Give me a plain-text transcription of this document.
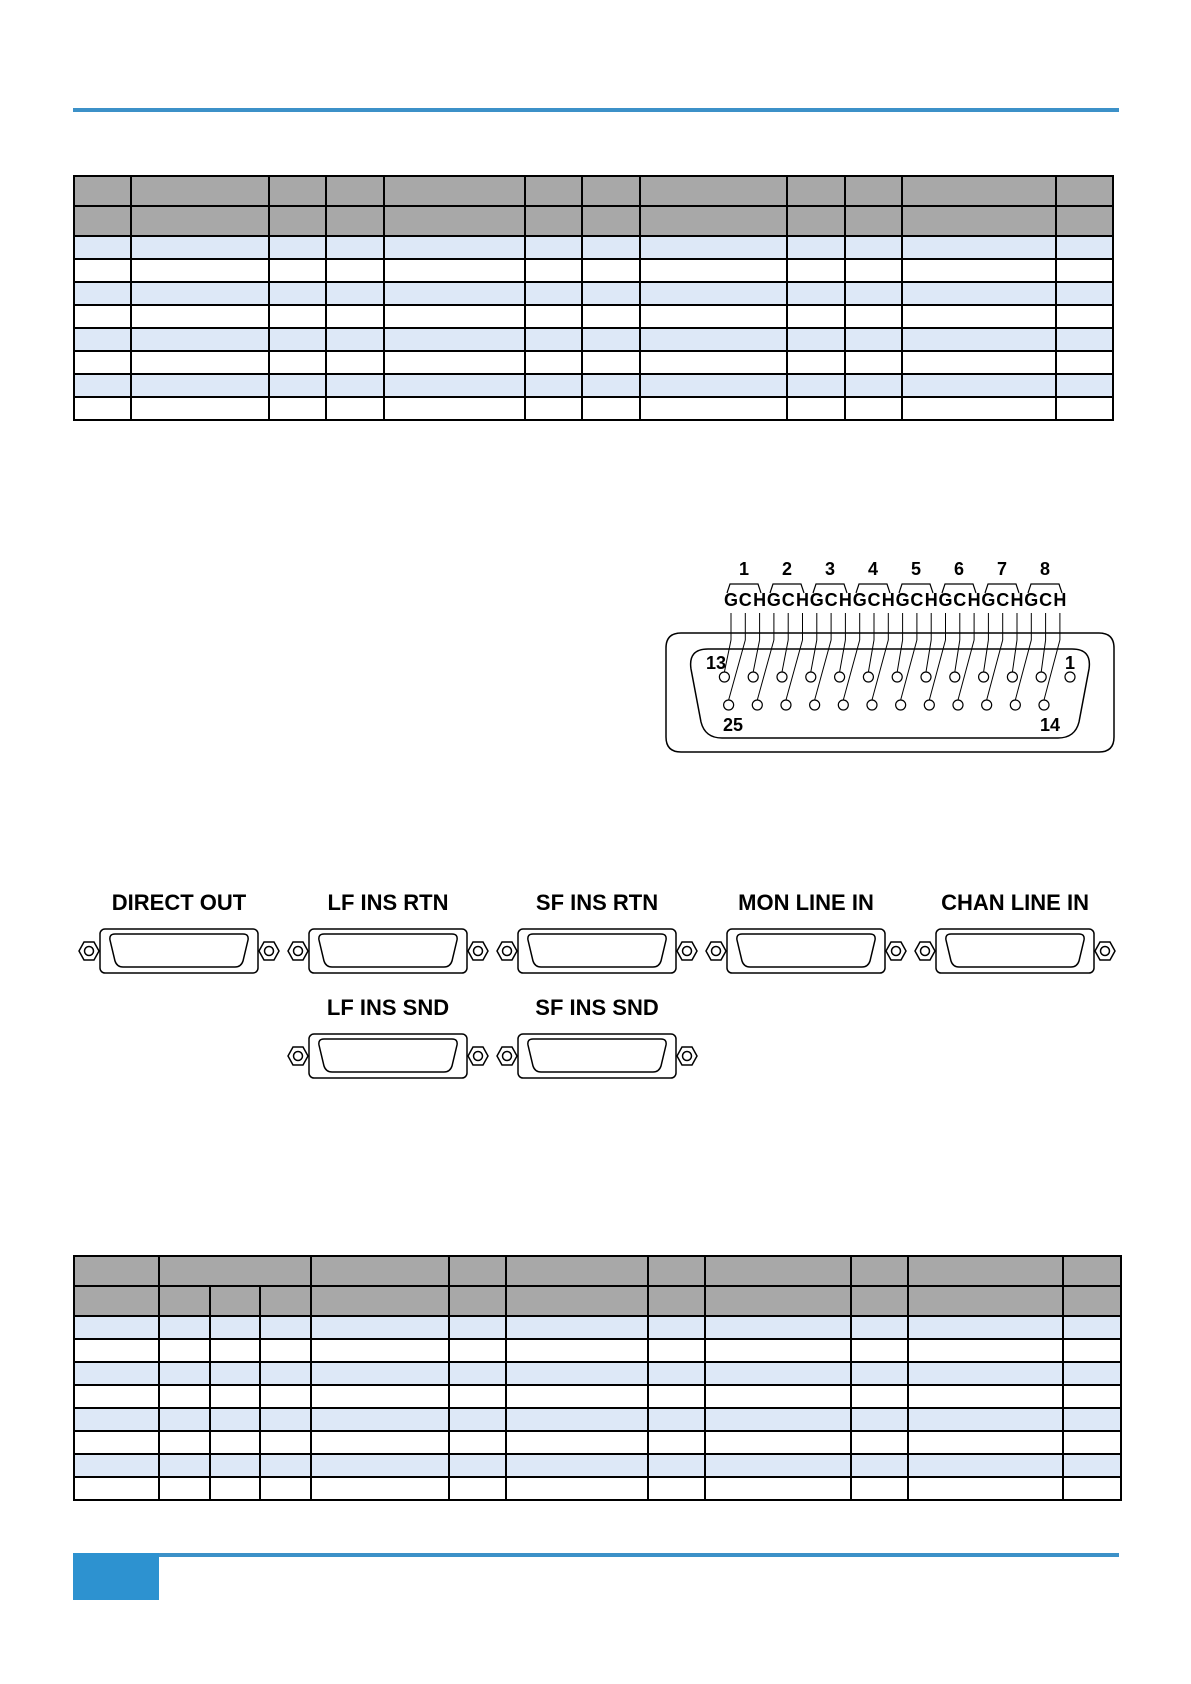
1 2 3 4 5 6 7 8
G C H G C H G C H G C H G C H G C H G C H G C H
13	1
25	14
DIRECT OUT	LF INS RTN	SF INS RTN	MON LINE IN	CHAN LINE IN
LF INS SND	SF INS SND
